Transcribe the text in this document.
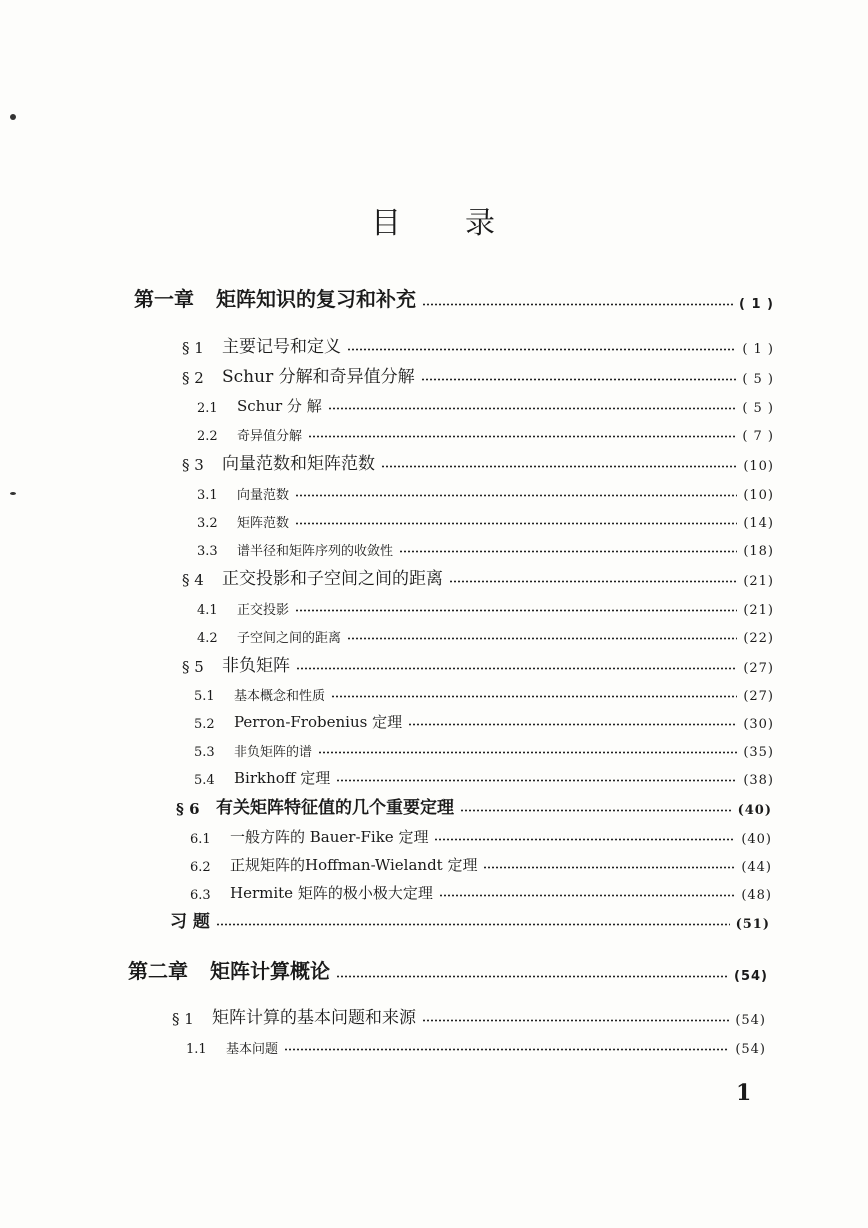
目 录
第一章 矩阵知识的复习和补充	( 1 )
§ 1	主要记号和定义	( 1 )
§ 2	Schur 分解和奇异值分解	( 5 )
2.1	Schur 分 解	( 5 )
2.2	奇异值分解	( 7 )
§ 3	向量范数和矩阵范数	(10)
3.1	向量范数	(10)
3.2	矩阵范数	(14)
3.3	谱半径和矩阵序列的收敛性	(18)
§ 4	正交投影和子空间之间的距离	(21)
4.1	正交投影	(21)
4.2	子空间之间的距离	(22)
§ 5	非负矩阵	(27)
5.1	基本概念和性质	(27)
5.2	Perron-Frobenius 定理	(30)
5.3	非负矩阵的谱	(35)
5.4	Birkhoff 定理	(38)
§ 6 有关矩阵特征值的几个重要定理	(40)
6.1	一般方阵的 Bauer-Fike 定理	(40)
6.2	正规矩阵的Hoffman-Wielandt 定理	(44)
6.3	Hermite 矩阵的极小极大定理	(48)
习 题	(51)
第二章 矩阵计算概论	(54)
§ 1	矩阵计算的基本问题和来源	(54)
1.1	基本问题	(54)
1
